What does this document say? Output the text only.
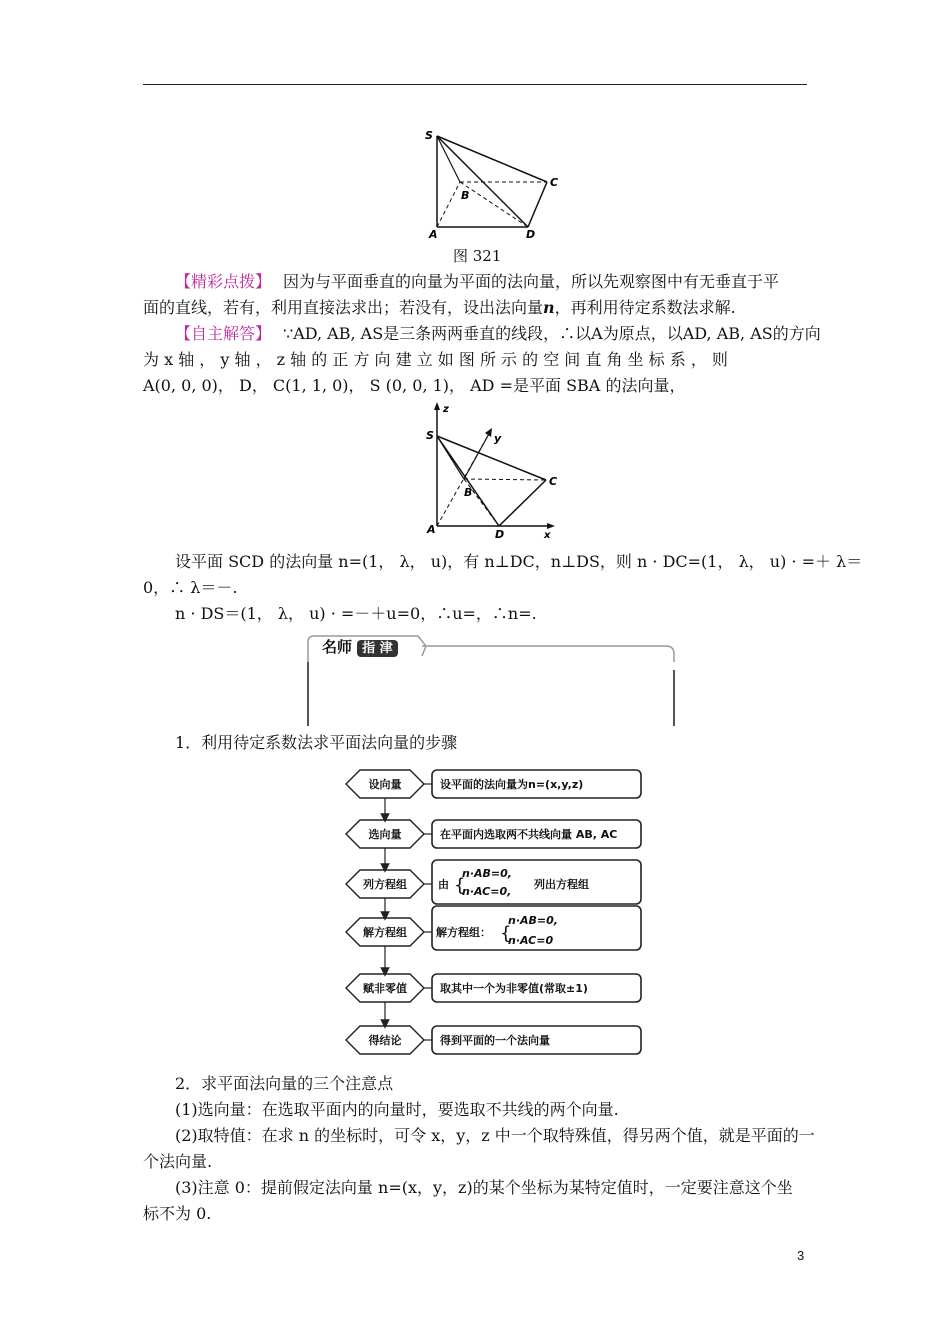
S
B
C
A	D
图 321
【精彩点拨】 因为与平面垂直的向量为平面的法向量，所以先观察图中有无垂直于平
面的直线，若有，利用直接法求出；若没有，设出法向量n，再利用待定系数法求解.
【自主解答】 ∵AD, AB, AS是三条两两垂直的线段，∴以A为原点，以AD, AB, AS的方向
为 x 轴 ， y 轴 ， z 轴 的 正 方 向 建 立 如 图 所 示 的 空 间 直 角 坐 标 系 ， 则
A(0, 0, 0)， D， C(1, 1, 0)， S (0, 0, 1)， AD =是平面 SBA 的法向量，
z
S	y
B
C
A	D	x
设平面 SCD 的法向量 n=(1， λ， u)，有 n⊥DC，n⊥DS，则 n · DC=(1， λ， u) · =＋ λ＝
0，∴ λ＝－.
n · DS＝(1， λ， u) · =－＋u=0，∴u=，∴n=.
名师 指 津
1．利用待定系数法求平面法向量的步骤
设向量
选向量
列方程组
解方程组
赋非零值
得结论
设平面的法向量为n=(x,y,z)
在平面内选取两不共线向量 AB, AC
由 {
n·AB=0,
n·AC=0,
列出方程组
解方程组： {
n·AB=0,
n·AC=0
取其中一个为非零值(常取±1)
得到平面的一个法向量
2．求平面法向量的三个注意点
(1)选向量：在选取平面内的向量时，要选取不共线的两个向量.
(2)取特值：在求 n 的坐标时，可令 x，y，z 中一个取特殊值，得另两个值，就是平面的一
个法向量.
(3)注意 0：提前假定法向量 n=(x，y，z)的某个坐标为某特定值时，一定要注意这个坐
标不为 0.
3
